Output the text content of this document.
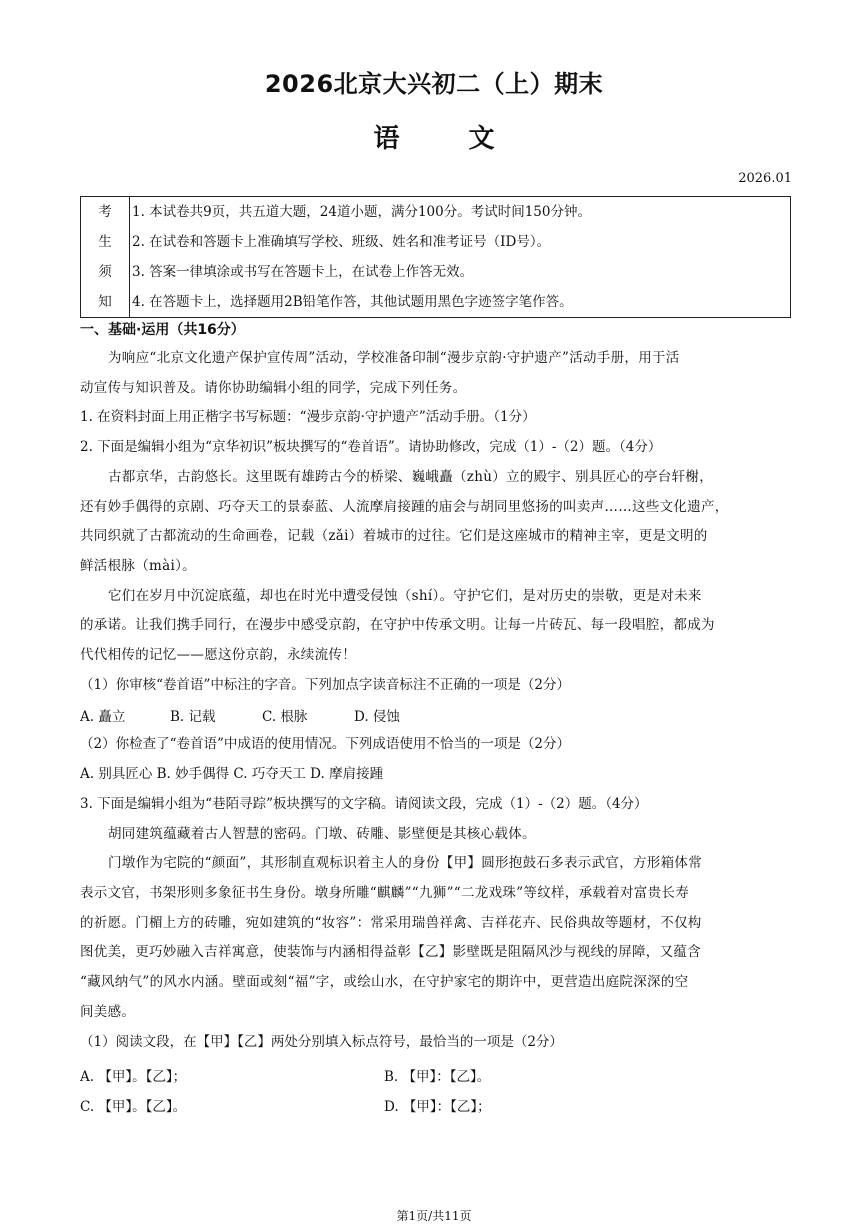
2026北京大兴初二（上）期末
语 文
2026.01
考
生
须
知

1. 本试卷共9页，共五道大题，24道小题，满分100分。考试时间150分钟。
2. 在试卷和答题卡上准确填写学校、班级、姓名和准考证号（ID号）。
3. 答案一律填涂或书写在答题卡上，在试卷上作答无效。
4. 在答题卡上，选择题用2B铅笔作答，其他试题用黑色字迹签字笔作答。
一、基础·运用（共16分）
为响应“北京文化遗产保护宣传周”活动，学校准备印制“漫步京韵·守护遗产”活动手册，用于活
动宣传与知识普及。请你协助编辑小组的同学，完成下列任务。
1. 在资料封面上用正楷字书写标题：“漫步京韵·守护遗产”活动手册。（1分）
2. 下面是编辑小组为“京华初识”板块撰写的“卷首语”。请协助修改，完成（1）-（2）题。（4分）
古都京华，古韵悠长。这里既有雄跨古今的桥梁、巍峨矗（zhù）立的殿宇、别具匠心的亭台轩榭，
还有妙手偶得的京剧、巧夺天工的景泰蓝、人流摩肩接踵的庙会与胡同里悠扬的叫卖声……这些文化遗产，
共同织就了古都流动的生命画卷，记载（zǎi）着城市的过往。它们是这座城市的精神主宰，更是文明的
鲜活根脉（mài）。
它们在岁月中沉淀底蕴，却也在时光中遭受侵蚀（shí）。守护它们，是对历史的崇敬，更是对未来
的承诺。让我们携手同行，在漫步中感受京韵，在守护中传承文明。让每一片砖瓦、每一段唱腔，都成为
代代相传的记忆——愿这份京韵，永续流传！
（1）你审核“卷首语”中标注的字音。下列加点字读音标注不正确的一项是（2分）
A. 矗立	B. 记载	C. 根脉	D. 侵蚀
（2）你检查了“卷首语”中成语的使用情况。下列成语使用不恰当的一项是（2分）
A. 别具匠心 B. 妙手偶得 C. 巧夺天工 D. 摩肩接踵
3. 下面是编辑小组为“巷陌寻踪”板块撰写的文字稿。请阅读文段，完成（1）-（2）题。（4分）
胡同建筑蕴藏着古人智慧的密码。门墩、砖雕、影壁便是其核心载体。
门墩作为宅院的“颜面”，其形制直观标识着主人的身份【甲】圆形抱鼓石多表示武官，方形箱体常
表示文官，书架形则多象征书生身份。墩身所雕“麒麟”“九狮”“二龙戏珠”等纹样，承载着对富贵长寿
的祈愿。门楣上方的砖雕，宛如建筑的“妆容”：常采用瑞兽祥禽、吉祥花卉、民俗典故等题材，不仅构
图优美，更巧妙融入吉祥寓意，使装饰与内涵相得益彰【乙】影壁既是阻隔风沙与视线的屏障，又蕴含
“藏风纳气”的风水内涵。壁面或刻“福”字，或绘山水，在守护家宅的期许中，更营造出庭院深深的空
间美感。
（1）阅读文段，在【甲】【乙】两处分别填入标点符号，最恰当的一项是（2分）
A. 【甲】。【乙】；	B. 【甲】：【乙】。
C. 【甲】。【乙】。	D. 【甲】：【乙】；
第1页/共11页
